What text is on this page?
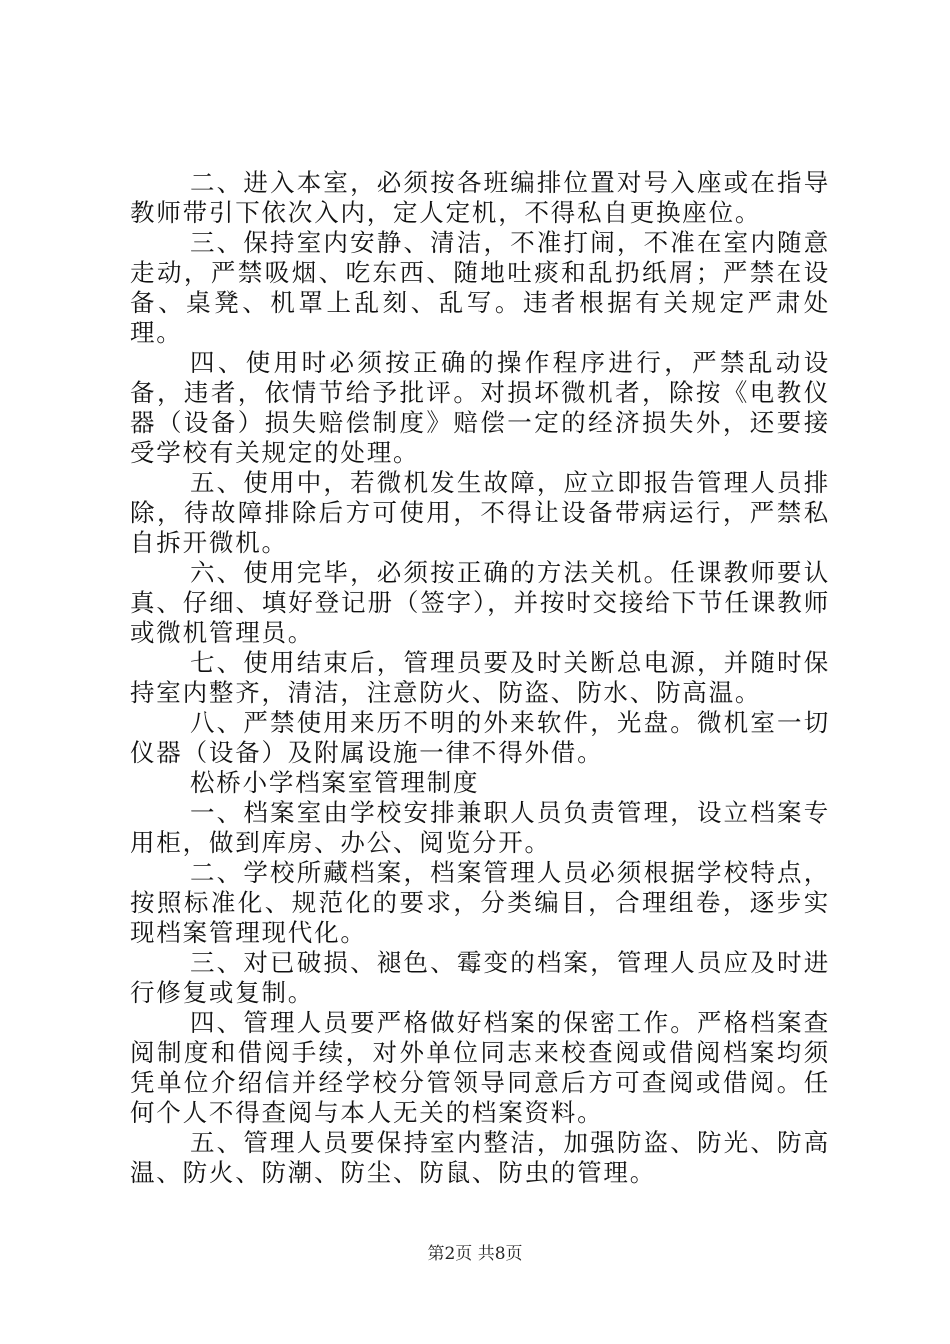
二、进入本室，必须按各班编排位置对号入座或在指导教师带引下依次入内，定人定机，不得私自更换座位。

三、保持室内安静、清洁，不准打闹，不准在室内随意走动，严禁吸烟、吃东西、随地吐痰和乱扔纸屑；严禁在设备、桌凳、机罩上乱刻、乱写。违者根据有关规定严肃处理。

四、使用时必须按正确的操作程序进行，严禁乱动设备，违者，依情节给予批评。对损坏微机者，除按《电教仪器（设备）损失赔偿制度》赔偿一定的经济损失外，还要接受学校有关规定的处理。

五、使用中，若微机发生故障，应立即报告管理人员排除，待故障排除后方可使用，不得让设备带病运行，严禁私自拆开微机。

六、使用完毕，必须按正确的方法关机。任课教师要认真、仔细、填好登记册（签字），并按时交接给下节任课教师或微机管理员。

七、使用结束后，管理员要及时关断总电源，并随时保持室内整齐，清洁，注意防火、防盗、防水、防高温。

八、严禁使用来历不明的外来软件，光盘。微机室一切仪器（设备）及附属设施一律不得外借。

松桥小学档案室管理制度

一、档案室由学校安排兼职人员负责管理，设立档案专用柜，做到库房、办公、阅览分开。

二、学校所藏档案，档案管理人员必须根据学校特点，按照标准化、规范化的要求，分类编目，合理组卷，逐步实现档案管理现代化。

三、对已破损、褪色、霉变的档案，管理人员应及时进行修复或复制。

四、管理人员要严格做好档案的保密工作。严格档案查阅制度和借阅手续，对外单位同志来校查阅或借阅档案均须凭单位介绍信并经学校分管领导同意后方可查阅或借阅。任何个人不得查阅与本人无关的档案资料。

五、管理人员要保持室内整洁，加强防盗、防光、防高温、防火、防潮、防尘、防鼠、防虫的管理。

第2页 共8页
